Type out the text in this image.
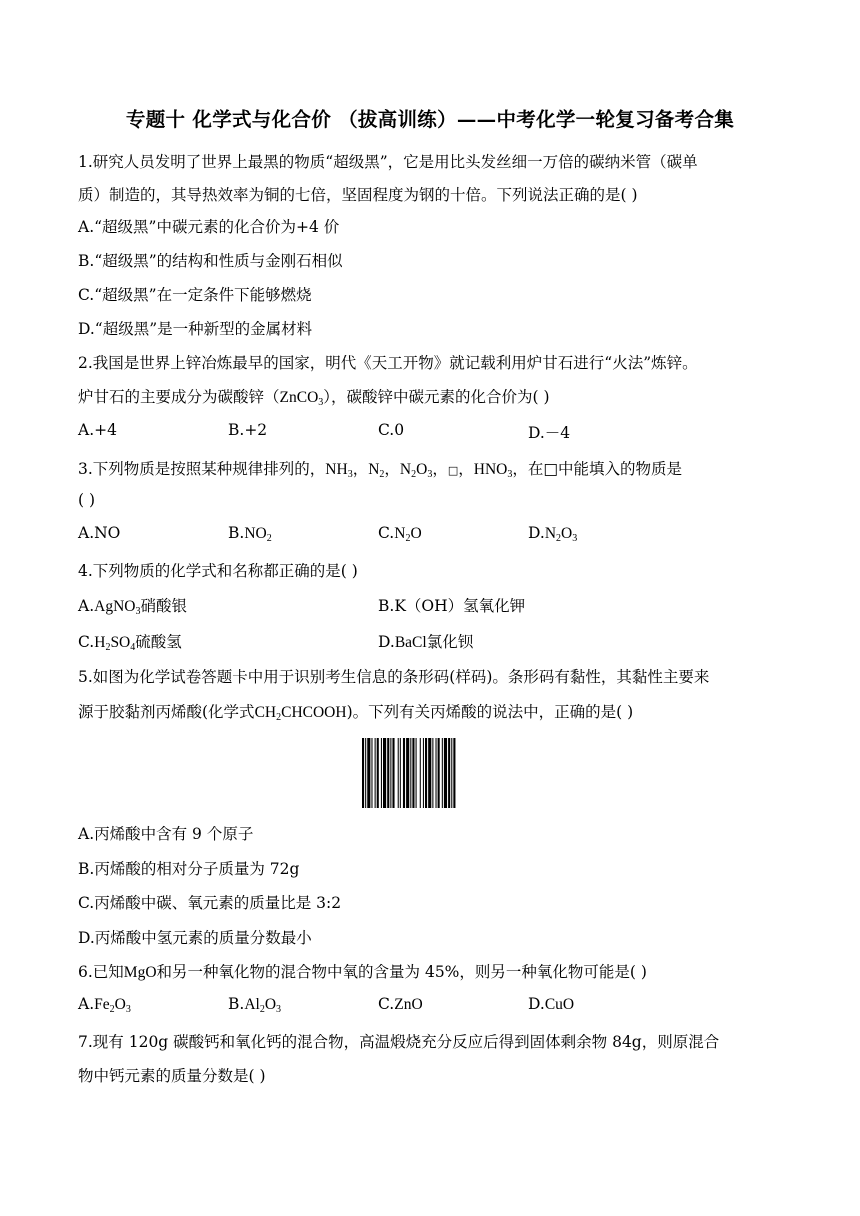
专题十 化学式与化合价 （拔高训练）——中考化学一轮复习备考合集
1.研究人员发明了世界上最黑的物质“超级黑”，它是用比头发丝细一万倍的碳纳米管（碳单
质）制造的，其导热效率为铜的七倍，坚固程度为钢的十倍。下列说法正确的是( )
A.“超级黑”中碳元素的化合价为+4 价
B.“超级黑”的结构和性质与金刚石相似
C.“超级黑”在一定条件下能够燃烧
D.“超级黑”是一种新型的金属材料
2.我国是世界上锌冶炼最早的国家，明代《天工开物》就记载利用炉甘石进行“火法”炼锌。
炉甘石的主要成分为碳酸锌（ZnCO$_3$），碳酸锌中碳元素的化合价为( )
A.+4	B.+2	C.0	D.－4
3.下列物质是按照某种规律排列的，$NH_3$，$N_2$，$N_2O_3$，□，$HNO_3$，在□中能填入的物质是
( )
A.NO	$B.NO_2$	$C.N_2O$	$D.N_2O_3$
4.下列物质的化学式和名称都正确的是( )
A.AgNO$_3$硝酸银	B.K（OH）氢氧化钾
$C.H_2SO_4$硫酸氢	D.BaCl氯化钡
5.如图为化学试卷答题卡中用于识别考生信息的条形码(样码)。条形码有黏性，其黏性主要来
源于胶黏剂丙烯酸(化学式$CH_2CHCOOH$)。下列有关丙烯酸的说法中，正确的是( )
A.丙烯酸中含有 9 个原子
B.丙烯酸的相对分子质量为 72g
C.丙烯酸中碳、氧元素的质量比是 3:2
D.丙烯酸中氢元素的质量分数最小
6.已知MgO和另一种氧化物的混合物中氧的含量为 45%，则另一种氧化物可能是( )
$A.Fe_2O_3$	$B.Al_2O_3$	C.ZnO	D.CuO
7.现有 120g 碳酸钙和氧化钙的混合物，高温煅烧充分反应后得到固体剩余物 84g，则原混合
物中钙元素的质量分数是( )
